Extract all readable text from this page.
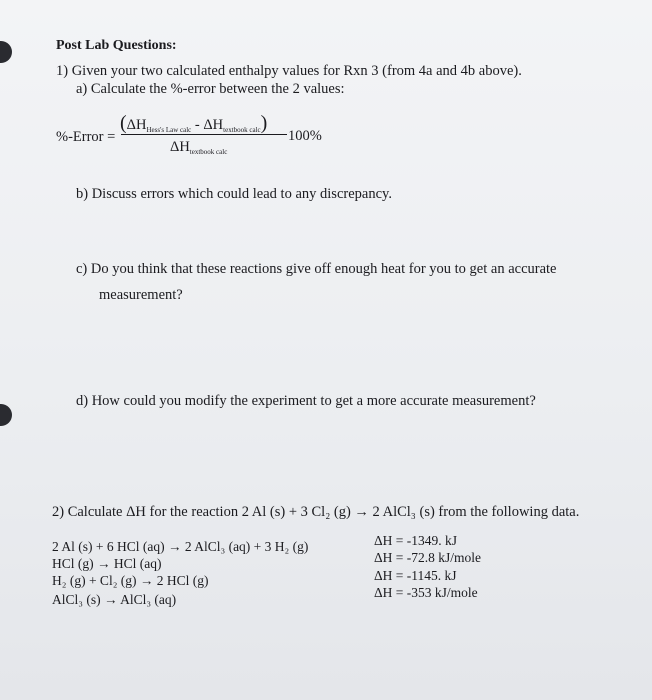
Post Lab Questions:
1) Given your two calculated enthalpy values for Rxn 3 (from 4a and 4b above).
a) Calculate the %-error between the 2 values:
%-Error =
$(\Delta H_{Hess's Law calc} - \Delta H_{textbook calc})$
100%
$\Delta H_{textbook calc}$
b) Discuss errors which could lead to any discrepancy.
c) Do you think that these reactions give off enough heat for you to get an accurate
measurement?
d) How could you modify the experiment to get a more accurate measurement?
2) Calculate ΔH for the reaction 2 Al (s) + 3 Cl₂ (g) → 2 AlCl₃ (s) from the following data.
2 Al (s) + 6 HCl (aq) → 2 AlCl₃ (aq) + 3 H₂ (g)
HCl (g) → HCl (aq)
H₂ (g) + Cl₂ (g) → 2 HCl (g)
AlCl₃ (s) → AlCl₃ (aq)
ΔH = -1349. kJ
ΔH = -72.8 kJ/mole
ΔH = -1145. kJ
ΔH = -353 kJ/mole
